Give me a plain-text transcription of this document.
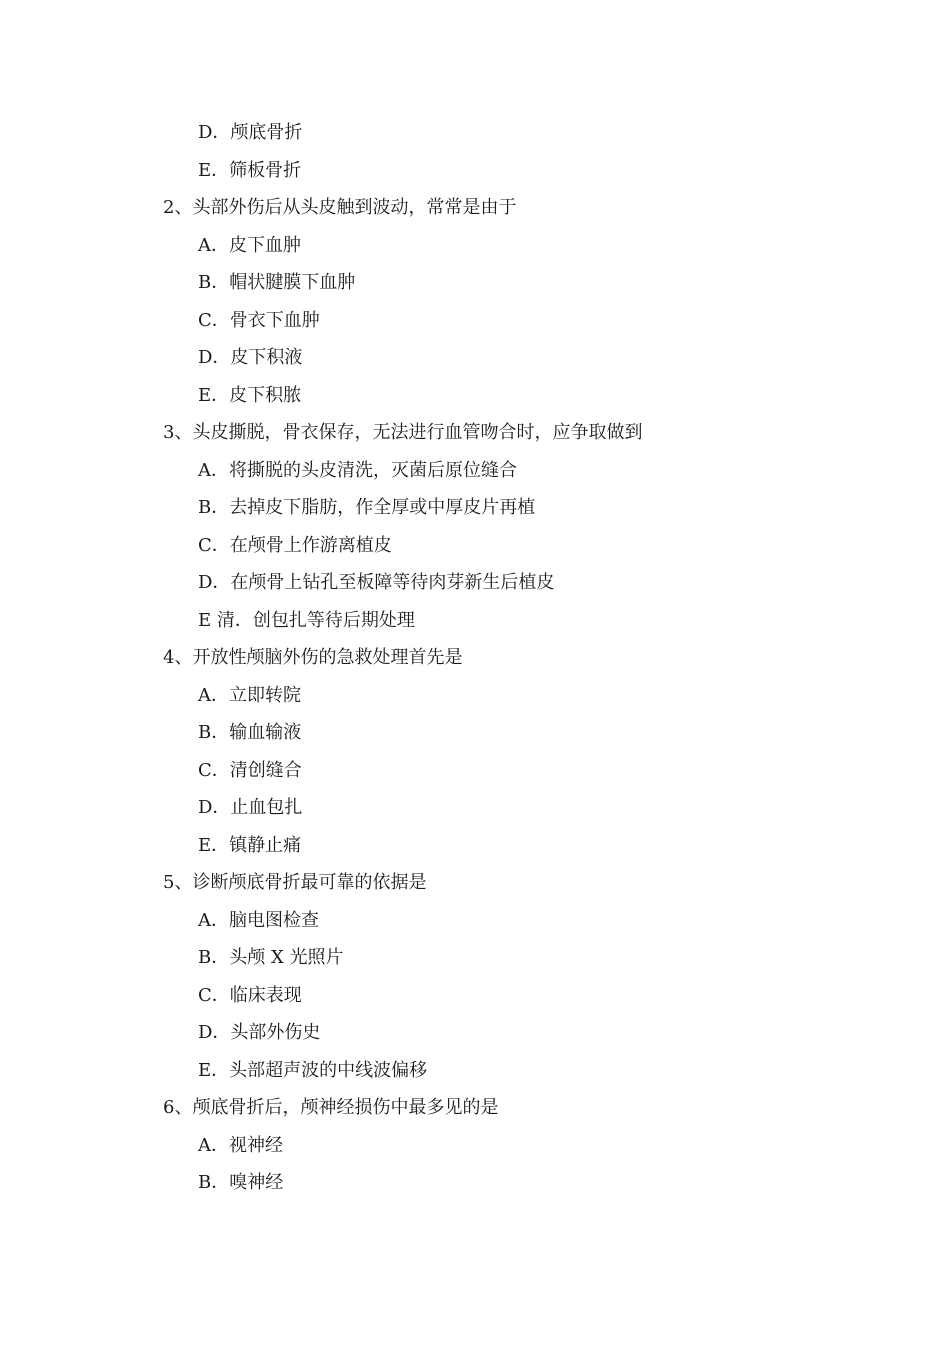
D．颅底骨折
E．筛板骨折
2、头部外伤后从头皮触到波动，常常是由于
A．皮下血肿
B．帽状腱膜下血肿
C．骨衣下血肿
D．皮下积液
E．皮下积脓
3、头皮撕脱，骨衣保存，无法进行血管吻合时，应争取做到
A．将撕脱的头皮清洗，灭菌后原位缝合
B．去掉皮下脂肪，作全厚或中厚皮片再植
C．在颅骨上作游离植皮
D．在颅骨上钻孔至板障等待肉芽新生后植皮
E 清．创包扎等待后期处理
4、开放性颅脑外伤的急救处理首先是
A．立即转院
B．输血输液
C．清创缝合
D．止血包扎
E．镇静止痛
5、诊断颅底骨折最可靠的依据是
A．脑电图检查
B．头颅 X 光照片
C．临床表现
D．头部外伤史
E．头部超声波的中线波偏移
6、颅底骨折后，颅神经损伤中最多见的是
A．视神经
B．嗅神经
